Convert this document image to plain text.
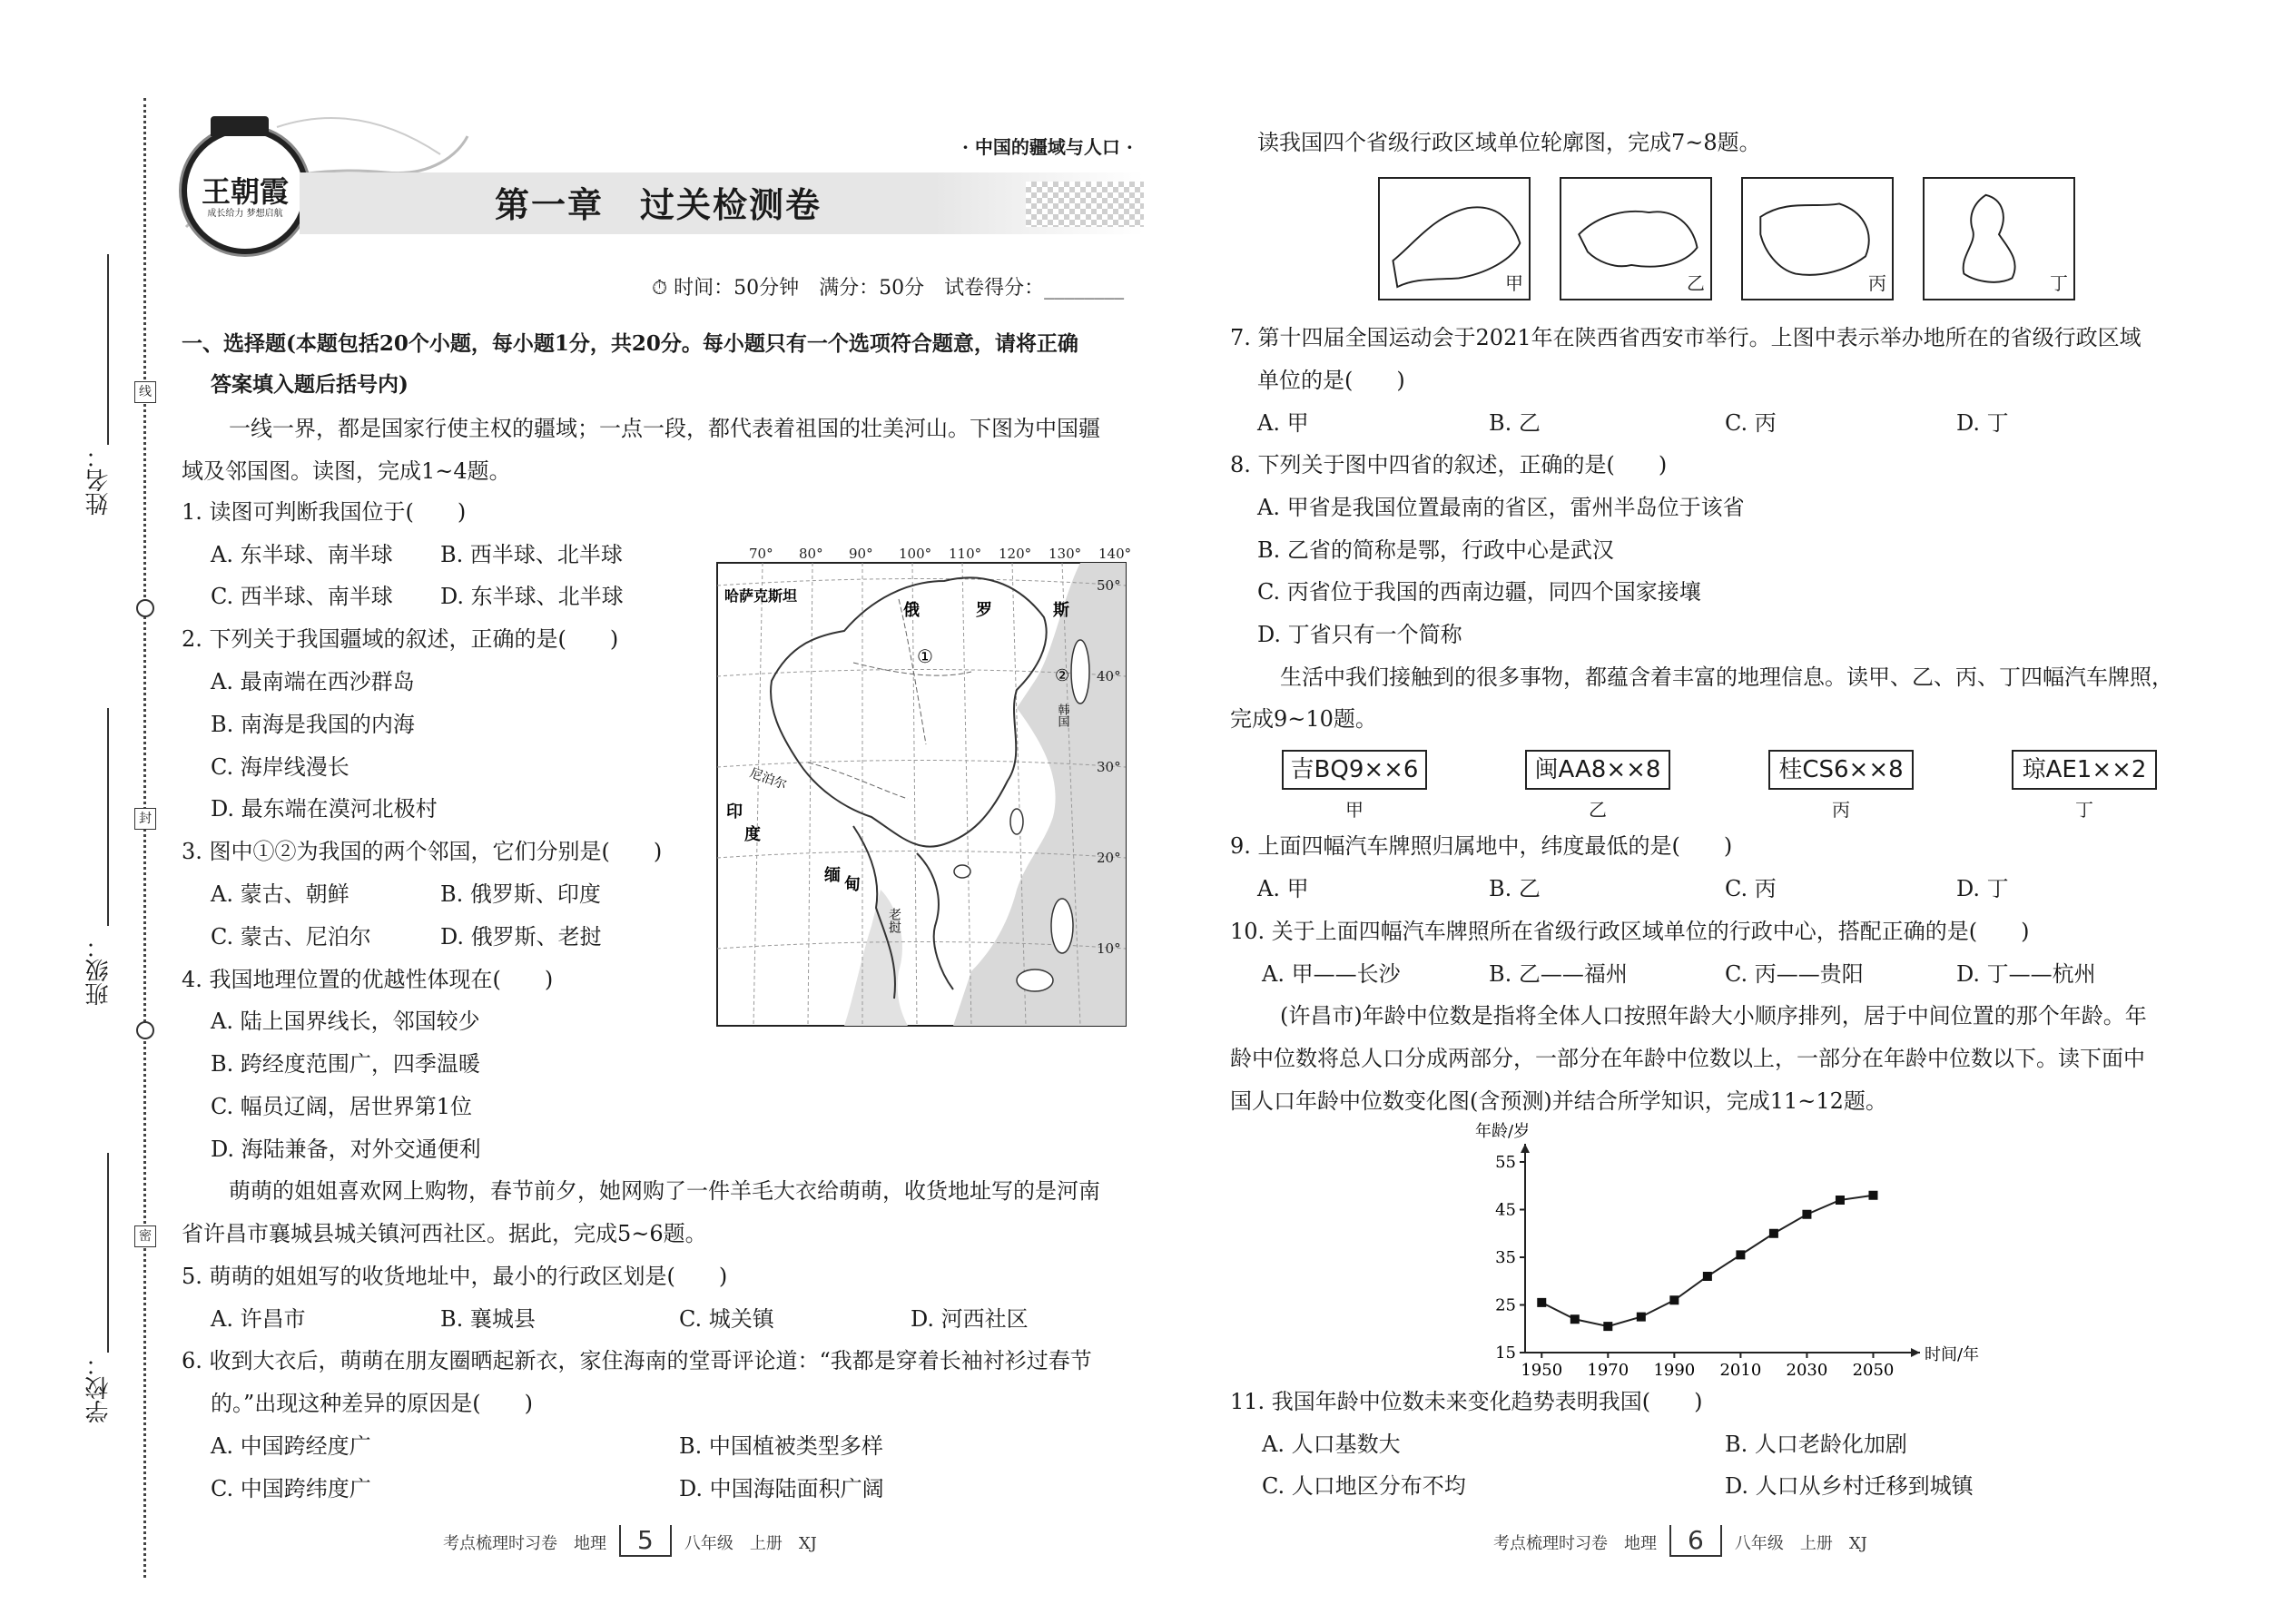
姓名：
班级：
学校：
线
封
密
王朝霞
成长给力 梦想启航
· 中国的疆域与人口 ·
第一章　过关检测卷
⏱ 时间：50分钟　满分：50分　试卷得分：________
一、选择题(本题包括20个小题，每小题1分，共20分。每小题只有一个选项符合题意，请将正确
答案填入题后括号内)
一线一界，都是国家行使主权的疆域；一点一段，都代表着祖国的壮美河山。下图为中国疆
域及邻国图。读图，完成1~4题。
1. 读图可判断我国位于(　　)
A. 东半球、南半球 B. 西半球、北半球
C. 西半球、南半球 D. 东半球、北半球
2. 下列关于我国疆域的叙述，正确的是(　　)
A. 最南端在西沙群岛
B. 南海是我国的内海
C. 海岸线漫长
D. 最东端在漠河北极村
3. 图中①②为我国的两个邻国，它们分别是(　　)
A. 蒙古、朝鲜	B. 俄罗斯、印度
C. 蒙古、尼泊尔	D. 俄罗斯、老挝
4. 我国地理位置的优越性体现在(　　)
A. 陆上国界线长，邻国较少
B. 跨经度范围广，四季温暖
C. 幅员辽阔，居世界第1位
D. 海陆兼备，对外交通便利
萌萌的姐姐喜欢网上购物，春节前夕，她网购了一件羊毛大衣给萌萌，收货地址写的是河南
省许昌市襄城县城关镇河西社区。据此，完成5~6题。
5. 萌萌的姐姐写的收货地址中，最小的行政区划是(　　)
A. 许昌市	B. 襄城县	C. 城关镇	D. 河西社区
6. 收到大衣后，萌萌在朋友圈晒起新衣，家住海南的堂哥评论道：“我都是穿着长袖衬衫过春节
的。”出现这种差异的原因是(　　)
A. 中国跨经度广	B. 中国植被类型多样
C. 中国跨纬度广	D. 中国海陆面积广阔
70° 80° 90° 100° 110° 120° 130° 140°
50°
40°
30°
20°
10°
哈萨克斯坦
俄	罗	斯
①
②
韩国
尼泊尔
印
度
缅 甸
老挝
读我国四个省级行政区域单位轮廓图，完成7~8题。
甲	乙	丙	丁
7. 第十四届全国运动会于2021年在陕西省西安市举行。上图中表示举办地所在的省级行政区域
单位的是(　　)
A. 甲	B. 乙	C. 丙	D. 丁
8. 下列关于图中四省的叙述，正确的是(　　)
A. 甲省是我国位置最南的省区，雷州半岛位于该省
B. 乙省的简称是鄂，行政中心是武汉
C. 丙省位于我国的西南边疆，同四个国家接壤
D. 丁省只有一个简称
生活中我们接触到的很多事物，都蕴含着丰富的地理信息。读甲、乙、丙、丁四幅汽车牌照，
完成9~10题。
吉BQ9××6
甲
闽AA8××8
乙
桂CS6××8
丙
琼AE1××2
丁
9. 上面四幅汽车牌照归属地中，纬度最低的是(　　)
A. 甲	B. 乙	C. 丙	D. 丁
10. 关于上面四幅汽车牌照所在省级行政区域单位的行政中心，搭配正确的是(　　)
A. 甲——长沙	B. 乙——福州	C. 丙——贵阳	D. 丁——杭州
(许昌市)年龄中位数是指将全体人口按照年龄大小顺序排列，居于中间位置的那个年龄。年
龄中位数将总人口分成两部分，一部分在年龄中位数以上，一部分在年龄中位数以下。读下面中
国人口年龄中位数变化图(含预测)并结合所学知识，完成11~12题。
年龄/岁
时间/年
15
25
35
45
55
1950 1970 1990 2010 2030 2050
11. 我国年龄中位数未来变化趋势表明我国(　　)
A. 人口基数大	B. 人口老龄化加剧
C. 人口地区分布不均	D. 人口从乡村迁移到城镇
考点梳理时习卷　地理 5 八年级　上册　XJ	考点梳理时习卷　地理 6 八年级　上册　XJ
